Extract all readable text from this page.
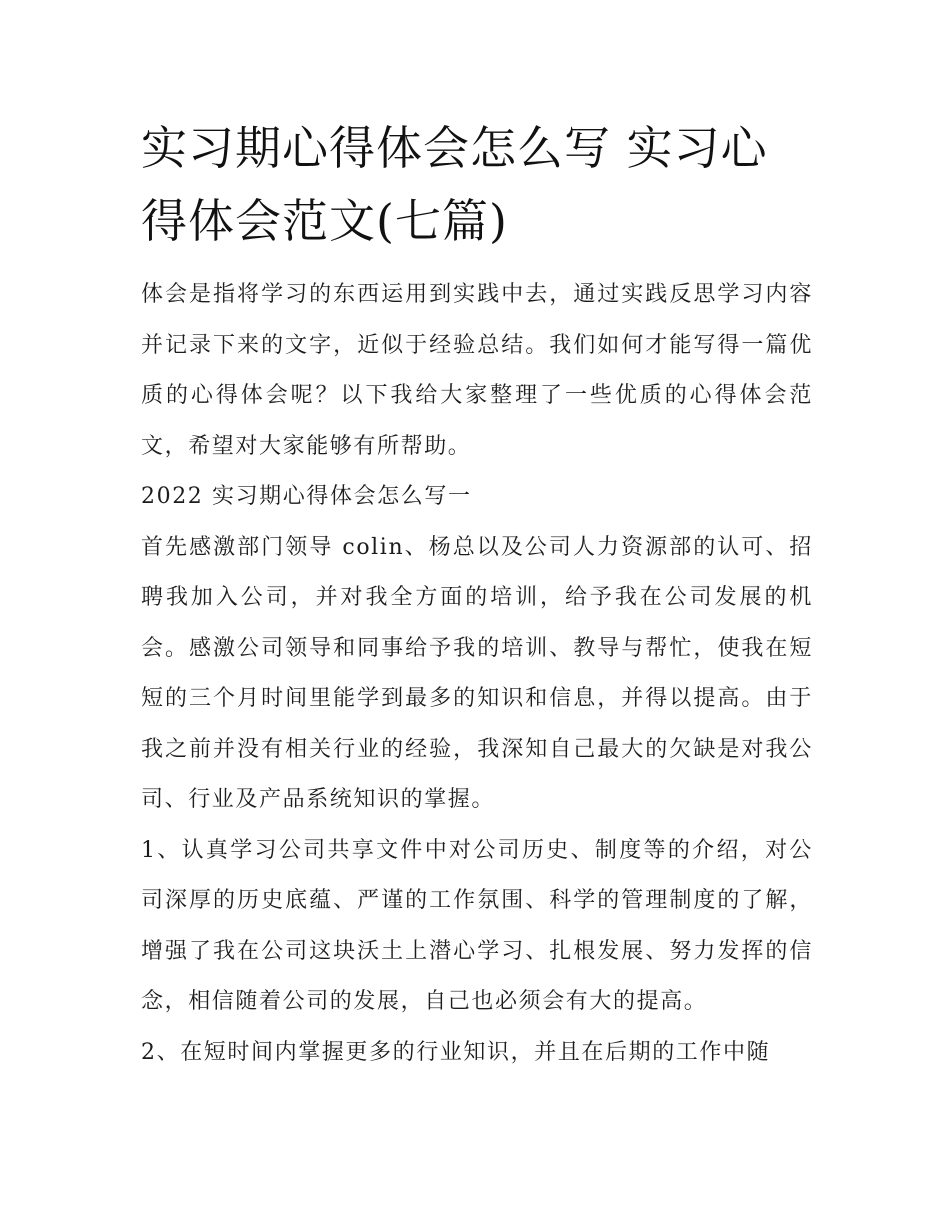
实习期心得体会怎么写 实习心得体会范文(七篇)

体会是指将学习的东西运用到实践中去，通过实践反思学习内容并记录下来的文字，近似于经验总结。我们如何才能写得一篇优质的心得体会呢？以下我给大家整理了一些优质的心得体会范文，希望对大家能够有所帮助。

2022 实习期心得体会怎么写一

首先感激部门领导 colin、杨总以及公司人力资源部的认可、招聘我加入公司，并对我全方面的培训，给予我在公司发展的机会。感激公司领导和同事给予我的培训、教导与帮忙，使我在短短的三个月时间里能学到最多的知识和信息，并得以提高。由于我之前并没有相关行业的经验，我深知自己最大的欠缺是对我公司、行业及产品系统知识的掌握。

1、认真学习公司共享文件中对公司历史、制度等的介绍，对公司深厚的历史底蕴、严谨的工作氛围、科学的管理制度的了解，增强了我在公司这块沃土上潜心学习、扎根发展、努力发挥的信念，相信随着公司的发展，自己也必须会有大的提高。

2、在短时间内掌握更多的行业知识，并且在后期的工作中随
